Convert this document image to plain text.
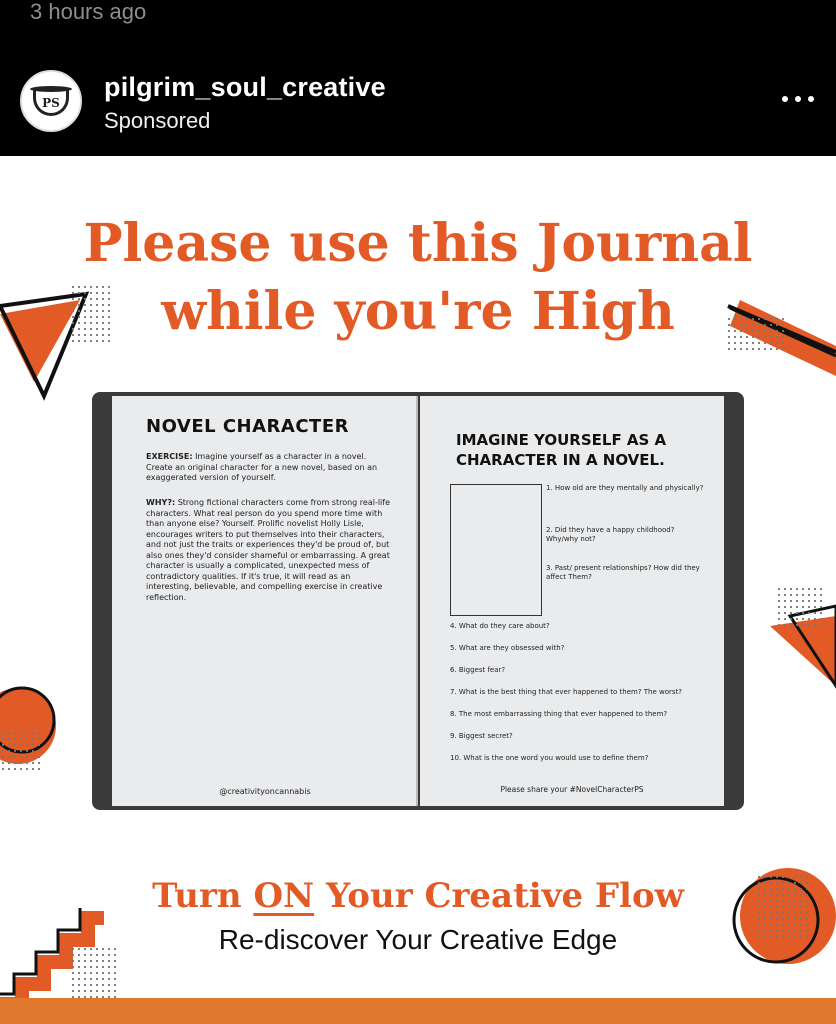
3 hours ago
PS
pilgrim_soul_creative
Sponsored
Please use this Journal
while you're High
NOVEL CHARACTER
EXERCISE: Imagine yourself as a character in a novel. Create an original character for a new novel, based on an exaggerated version of yourself.
WHY?: Strong fictional characters come from strong real-life characters. What real person do you spend more time with than anyone else? Yourself. Prolific novelist Holly Lisle, encourages writers to put themselves into their characters, and not just the traits or experiences they'd be proud of, but also ones they'd consider shameful or embarrassing. A great character is usually a complicated, unexpected mess of contradictory qualities. If it's true, it will read as an interesting, believable, and compelling exercise in creative reflection.
@creativityoncannabis
IMAGINE YOURSELF AS A CHARACTER IN A NOVEL.
1. How old are they mentally and physically?
2. Did they have a happy childhood? Why/why not?
3. Past/ present relationships? How did they affect Them?
4. What do they care about?
5. What are they obsessed with?
6. Biggest fear?
7. What is the best thing that ever happened to them? The worst?
8. The most embarrassing thing that ever happened to them?
9. Biggest secret?
10. What is the one word you would use to define them?
Please share your #NovelCharacterPS
Turn ON Your Creative Flow
Re-discover Your Creative Edge
